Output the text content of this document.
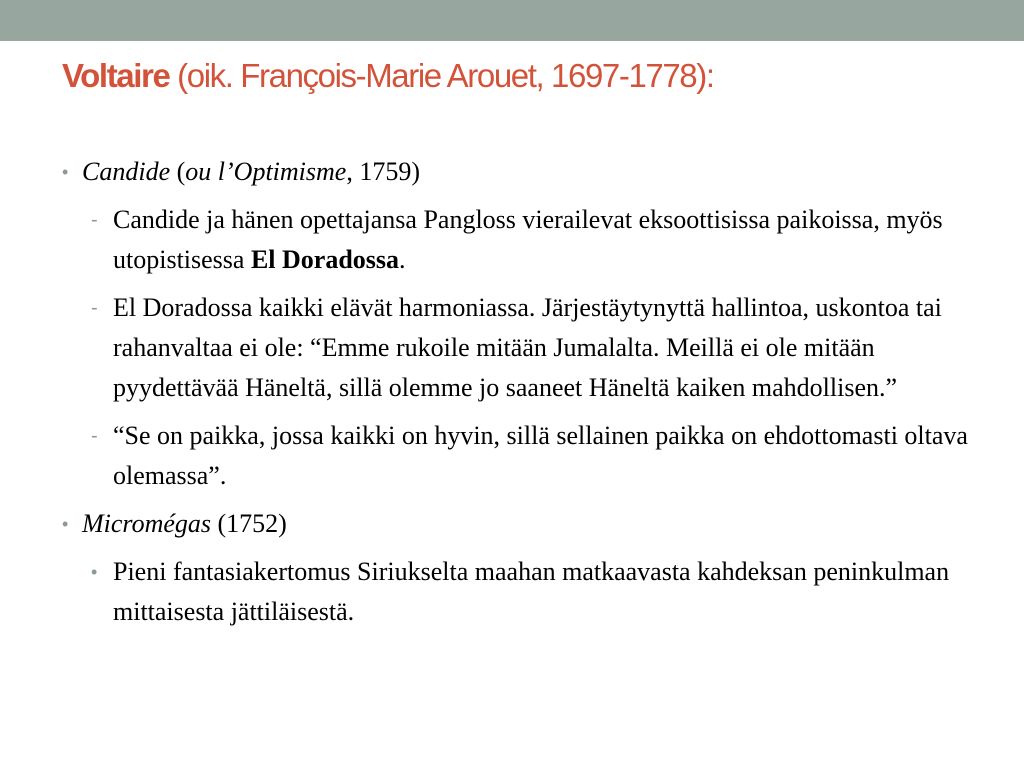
Voltaire (oik. François-Marie Arouet, 1697-1778):
• Candide (ou l’Optimisme, 1759)
- Candide ja hänen opettajansa Pangloss vierailevat eksoottisissa paikoissa, myös utopistisessa El Doradossa.
- El Doradossa kaikki elävät harmoniassa. Järjestäytynyttä hallintoa, uskontoa tai rahanvaltaa ei ole: “Emme rukoile mitään Jumalalta. Meillä ei ole mitään pyydettävää Häneltä, sillä olemme jo saaneet Häneltä kaiken mahdollisen.”
- “Se on paikka, jossa kaikki on hyvin, sillä sellainen paikka on ehdottomasti oltava olemassa”.
• Micromégas (1752)
• Pieni fantasiakertomus Siriukselta maahan matkaavasta kahdeksan peninkulman mittaisesta jättiläisestä.
